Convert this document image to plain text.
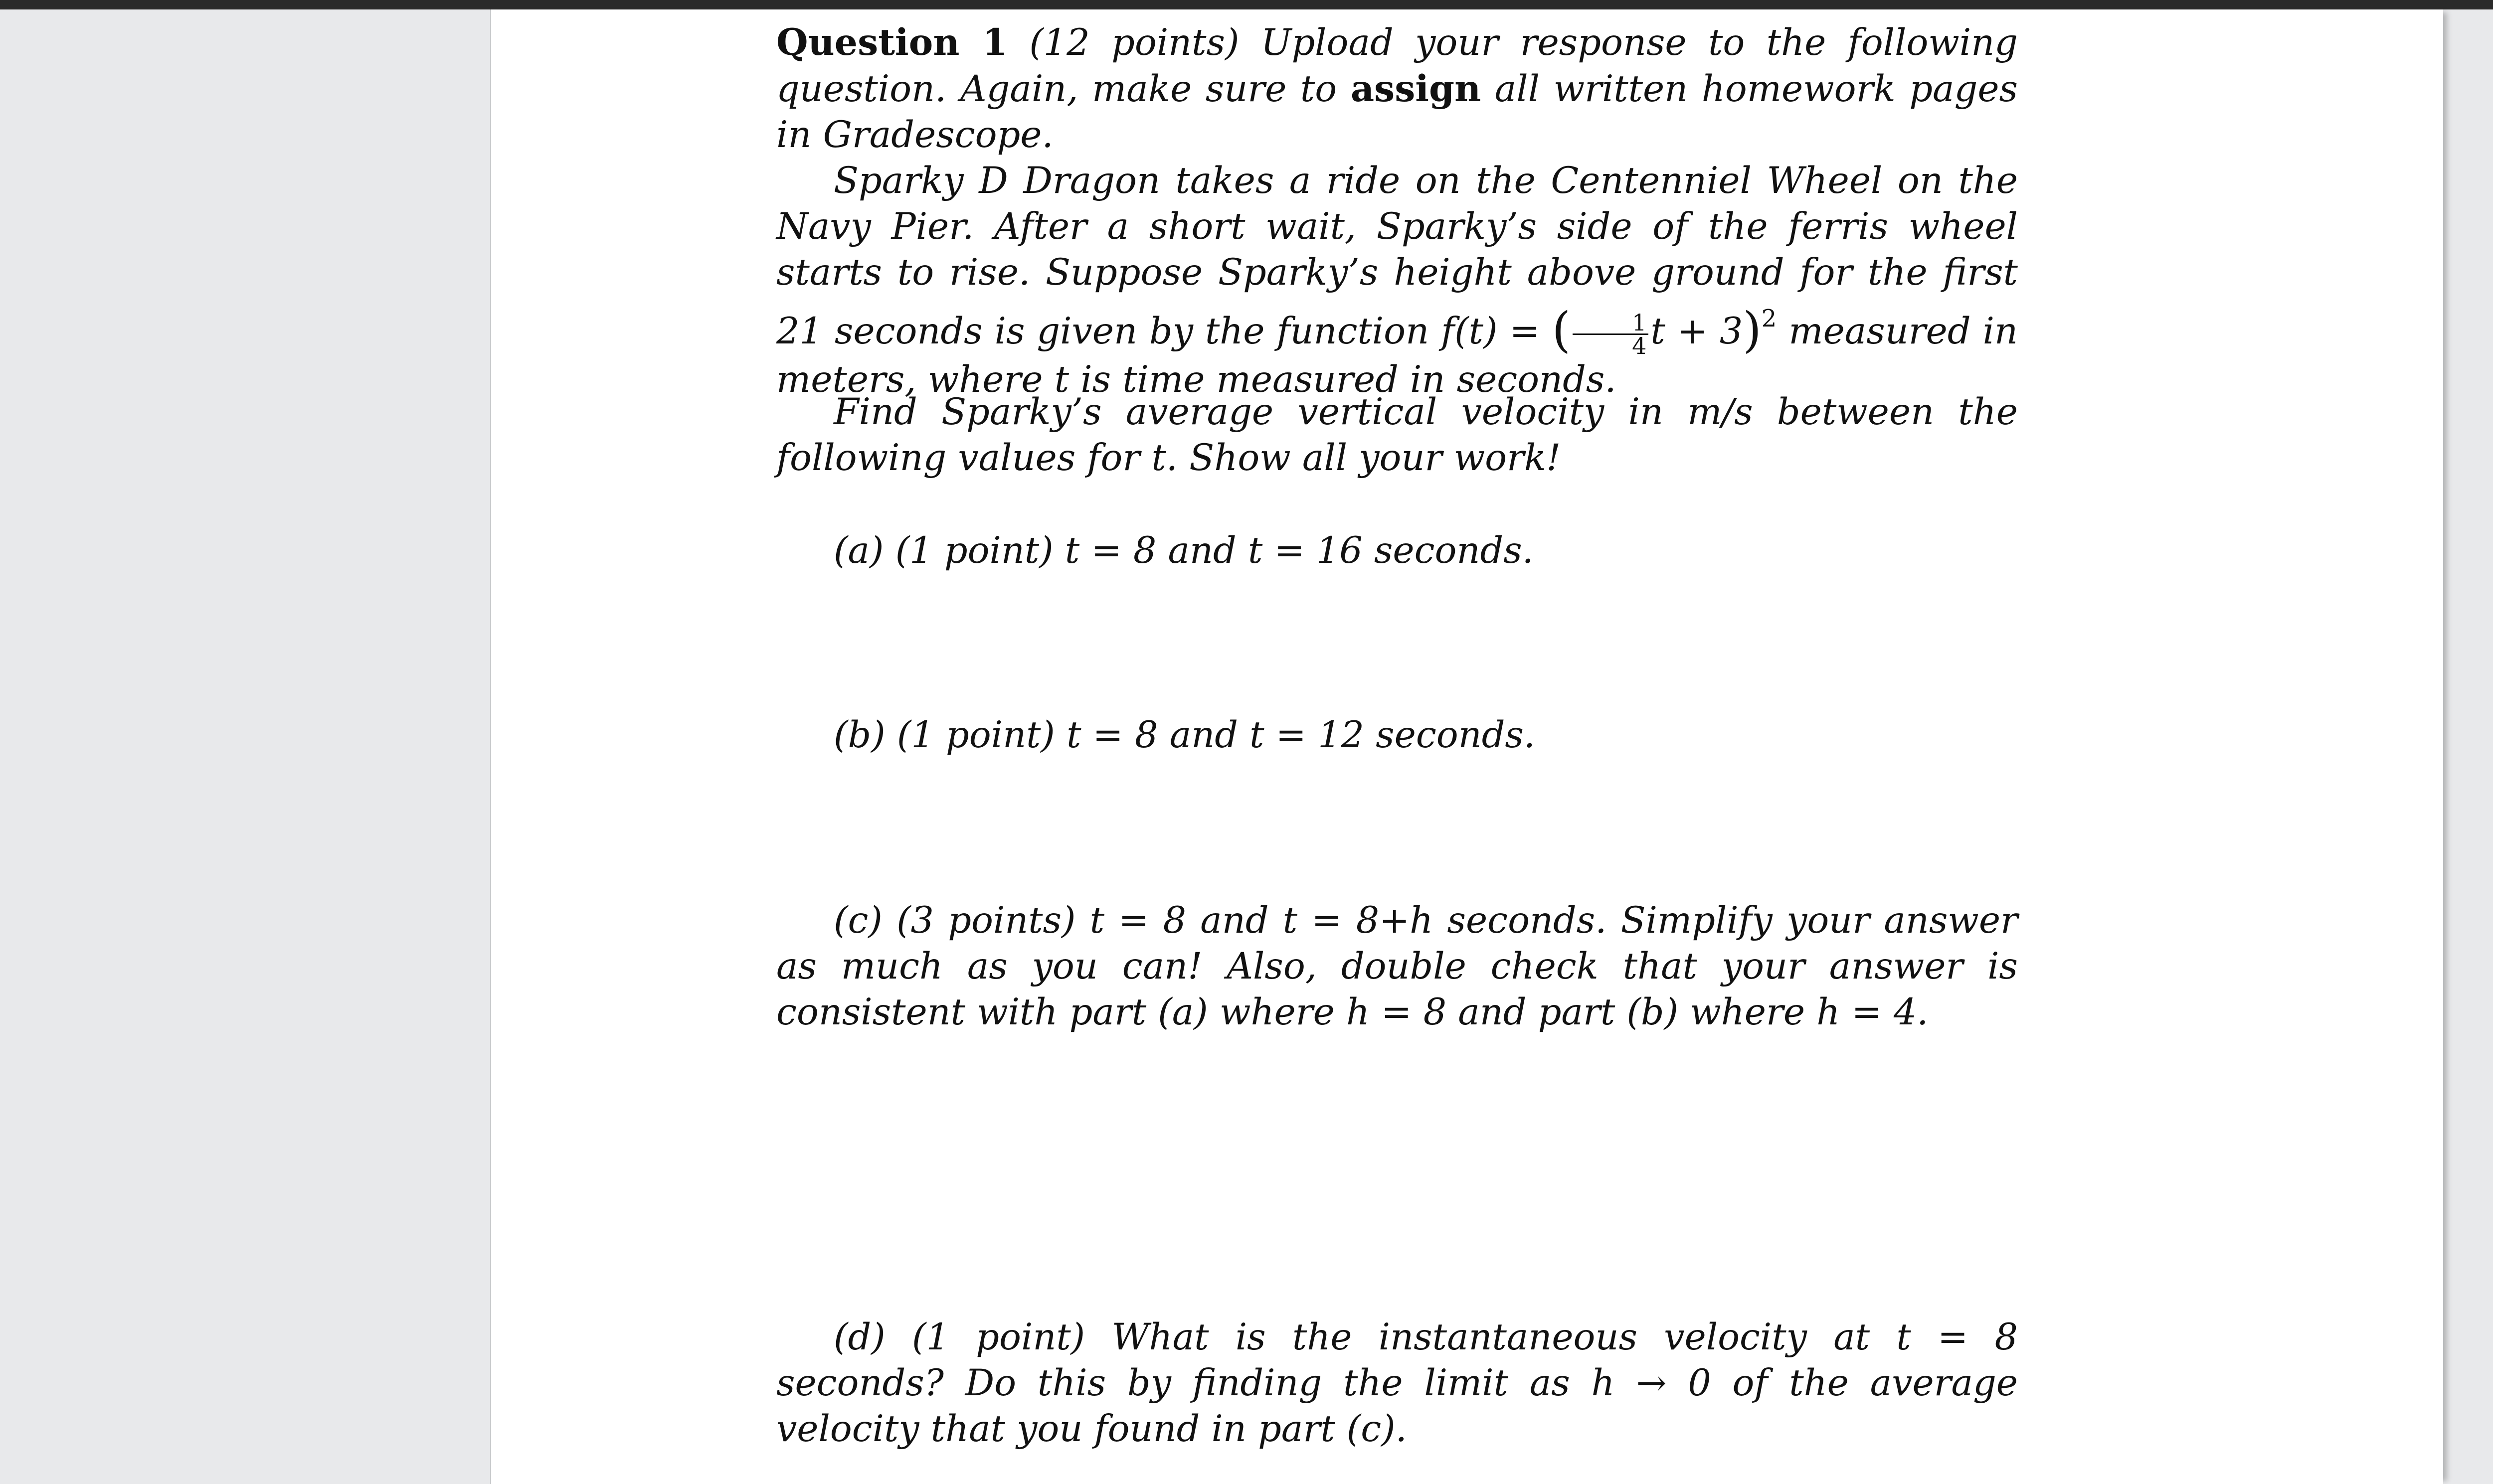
Question 1 (12 points) Upload your response to the following question. Again, make sure to assign all written homework pages in Gradescope.

Sparky D Dragon takes a ride on the Centenniel Wheel on the Navy Pier. After a short wait, Sparky’s side of the ferris wheel starts to rise. Suppose Sparky’s height above ground for the first 21 seconds is given by the function f(t) = ( $\frac{1}{4}$ t + 3)$^2$ measured in meters, where t is time measured in seconds.

Find Sparky’s average vertical velocity in m/s between the following values for t. Show all your work!

(a) (1 point) t = 8 and t = 16 seconds.

(b) (1 point) t = 8 and t = 12 seconds.

(c) (3 points) t = 8 and t = 8+h seconds. Simplify your answer as much as you can! Also, double check that your answer is consistent with part (a) where h = 8 and part (b) where h = 4.

(d) (1 point) What is the instantaneous velocity at t = 8 seconds? Do this by finding the limit as h → 0 of the average velocity that you found in part (c).
